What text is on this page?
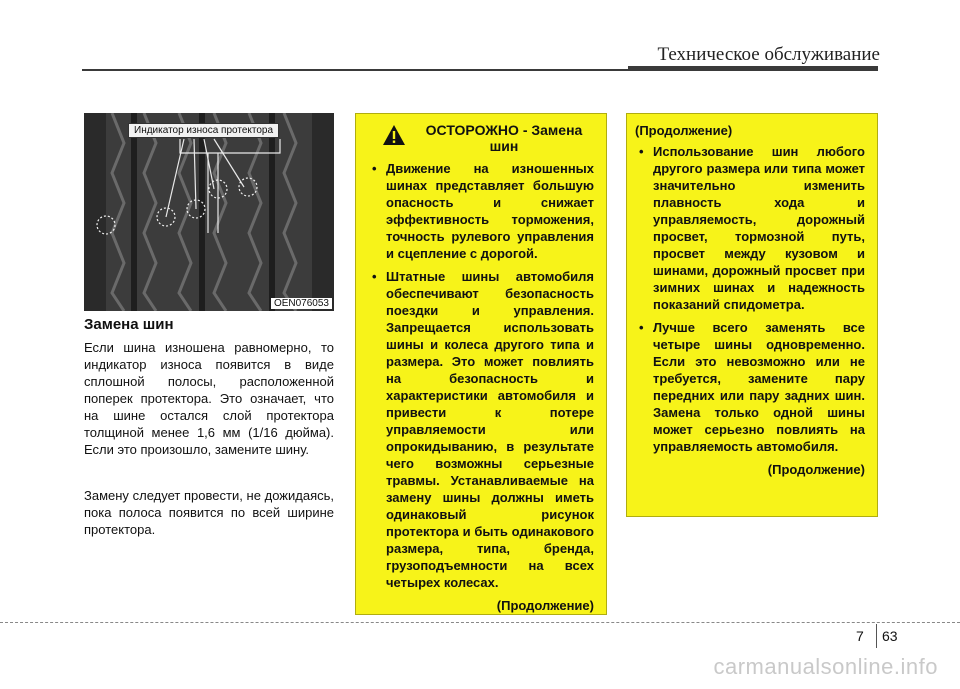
Техническое обслуживание
Индикатор износа протектора
OEN076053
Замена шин

Если шина изношена равномерно, то индикатор износа появится в виде сплошной полосы, расположенной поперек протектора. Это означает, что на шине остался слой протектора толщиной менее 1,6 мм (1/16 дюйма). Если это произошло, замените шину.

Замену следует провести, не дожидаясь, пока полоса появится по всей ширине протектора.

ОСТОРОЖНО - Замена шин
• Движение на изношенных шинах представляет большую опасность и снижает эффективность торможения, точность рулевого управления и сцепление с дорогой.
• Штатные шины автомобиля обеспечивают безопасность поездки и управления. Запрещается использовать шины и колеса другого типа и размера. Это может повлиять на безопасность и характеристики автомобиля и привести к потере управляемости или опрокидыванию, в результате чего возможны серьезные травмы. Устанавливаемые на замену шины должны иметь одинаковый рисунок протектора и быть одинакового размера, типа, бренда, грузоподъемности на всех четырех колесах.
(Продолжение)
(Продолжение)
• Использование шин любого другого размера или типа может значительно изменить плавность хода и управляемость, дорожный просвет, тормозной путь, просвет между кузовом и шинами, дорожный просвет при зимних шинах и надежность показаний спидометра.
• Лучше всего заменять все четыре шины одновременно. Если это невозможно или не требуется, замените пару передних или пару задних шин. Замена только одной шины может серьезно повлиять на управляемость автомобиля.
(Продолжение)
7 63
carmanualsonline.info
